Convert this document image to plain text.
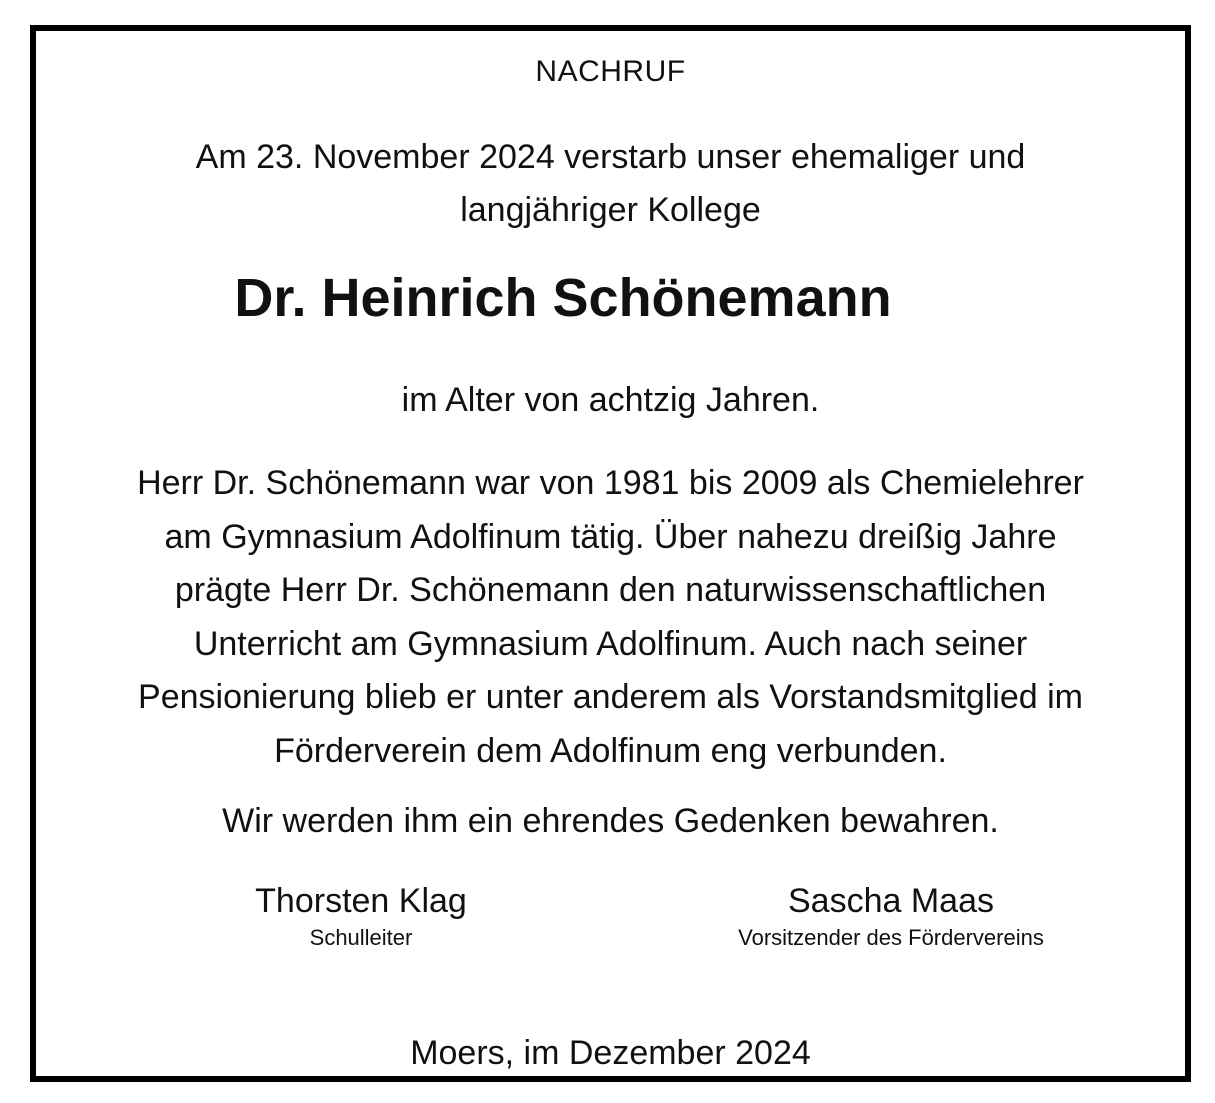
NACHRUF
Am 23. November 2024 verstarb unser ehemaliger und
langjähriger Kollege
Dr. Heinrich Schönemann
im Alter von achtzig Jahren.
Herr Dr. Schönemann war von 1981 bis 2009 als Chemielehrer
am Gymnasium Adolfinum tätig. Über nahezu dreißig Jahre
prägte Herr Dr. Schönemann den naturwissenschaftlichen
Unterricht am Gymnasium Adolfinum. Auch nach seiner
Pensionierung blieb er unter anderem als Vorstandsmitglied im
Förderverein dem Adolfinum eng verbunden.
Wir werden ihm ein ehrendes Gedenken bewahren.
Thorsten Klag
Schulleiter
Sascha Maas
Vorsitzender des Fördervereins
Moers, im Dezember 2024
